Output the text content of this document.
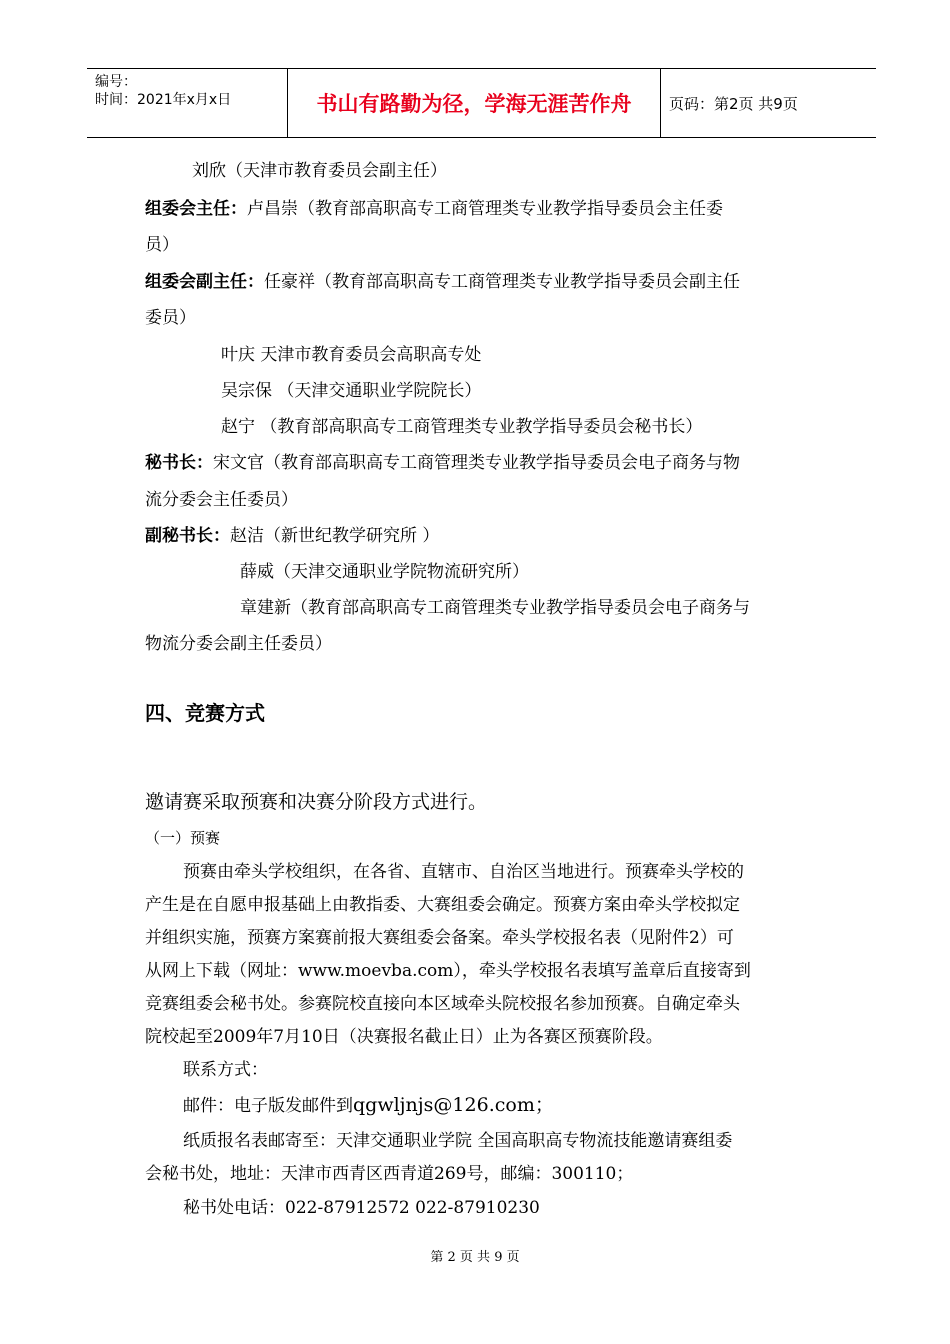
编号：
时间：2021年x月x日	书山有路勤为径，学海无涯苦作舟	页码：第2页 共9页
刘欣（天津市教育委员会副主任）
组委会主任：卢昌崇（教育部高职高专工商管理类专业教学指导委员会主任委
员）
组委会副主任：任豪祥（教育部高职高专工商管理类专业教学指导委员会副主任
委员）
叶庆 天津市教育委员会高职高专处
吴宗保 （天津交通职业学院院长）
赵宁 （教育部高职高专工商管理类专业教学指导委员会秘书长）
秘书长：宋文官（教育部高职高专工商管理类专业教学指导委员会电子商务与物
流分委会主任委员）
副秘书长：赵洁（新世纪教学研究所 ）
薛威（天津交通职业学院物流研究所）
章建新（教育部高职高专工商管理类专业教学指导委员会电子商务与
物流分委会副主任委员）
四、竞赛方式
邀请赛采取预赛和决赛分阶段方式进行。
（一）预赛
预赛由牵头学校组织，在各省、直辖市、自治区当地进行。预赛牵头学校的
产生是在自愿申报基础上由教指委、大赛组委会确定。预赛方案由牵头学校拟定
并组织实施，预赛方案赛前报大赛组委会备案。牵头学校报名表（见附件2）可
从网上下载（网址：www.moevba.com），牵头学校报名表填写盖章后直接寄到
竞赛组委会秘书处。参赛院校直接向本区域牵头院校报名参加预赛。自确定牵头
院校起至2009年7月10日（决赛报名截止日）止为各赛区预赛阶段。
联系方式：
邮件：电子版发邮件到qgwljnjs@126.com；
纸质报名表邮寄至：天津交通职业学院 全国高职高专物流技能邀请赛组委
会秘书处，地址：天津市西青区西青道269号，邮编：300110；
秘书处电话：022-87912572 022-87910230
第 2 页 共 9 页
